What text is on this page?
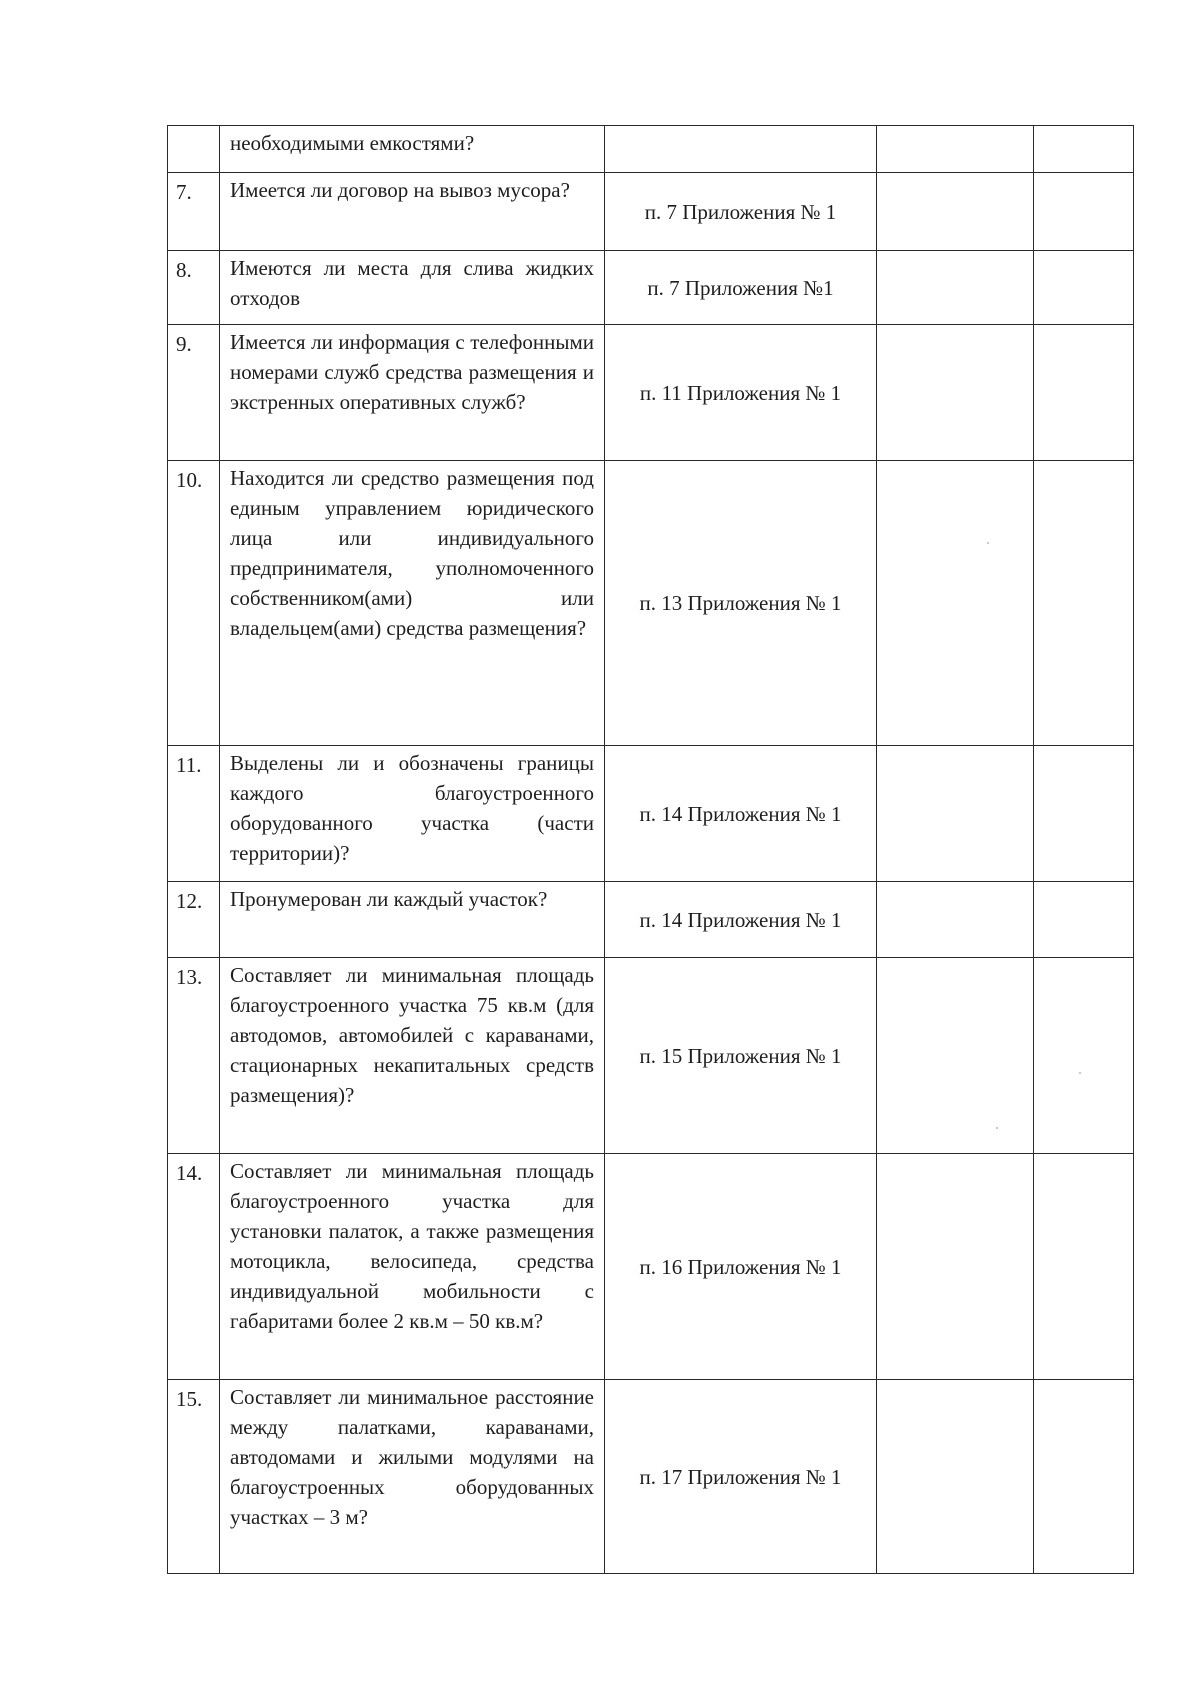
	необходимыми емкостями?			
7.	Имеется ли договор на вывоз мусора?	п. 7 Приложения № 1		
8.	Имеются ли места для слива жидких отходов	п. 7 Приложения №1		
9.	Имеется ли информация с телефонными номерами служб средства размещения и экстренных оперативных служб?	п. 11 Приложения № 1		
10.	Находится ли средство размещения под единым управлением юридического лица или индивидуального предпринимателя, уполномоченного собственником(ами) или владельцем(ами) средства размещения?	п. 13 Приложения № 1		
11.	Выделены ли и обозначены границы каждого благоустроенного оборудованного участка (части территории)?	п. 14 Приложения № 1		
12.	Пронумерован ли каждый участок?	п. 14 Приложения № 1		
13.	Составляет ли минимальная площадь благоустроенного участка 75 кв.м (для автодомов, автомобилей с караванами, стационарных некапитальных средств размещения)?	п. 15 Приложения № 1		
14.	Составляет ли минимальная площадь благоустроенного участка для установки палаток, а также размещения мотоцикла, велосипеда, средства индивидуальной мобильности с габаритами более 2 кв.м – 50 кв.м?	п. 16 Приложения № 1		
15.	Составляет ли минимальное расстояние между палатками, караванами, автодомами и жилыми модулями на благоустроенных оборудованных участках – 3 м?	п. 17 Приложения № 1		
